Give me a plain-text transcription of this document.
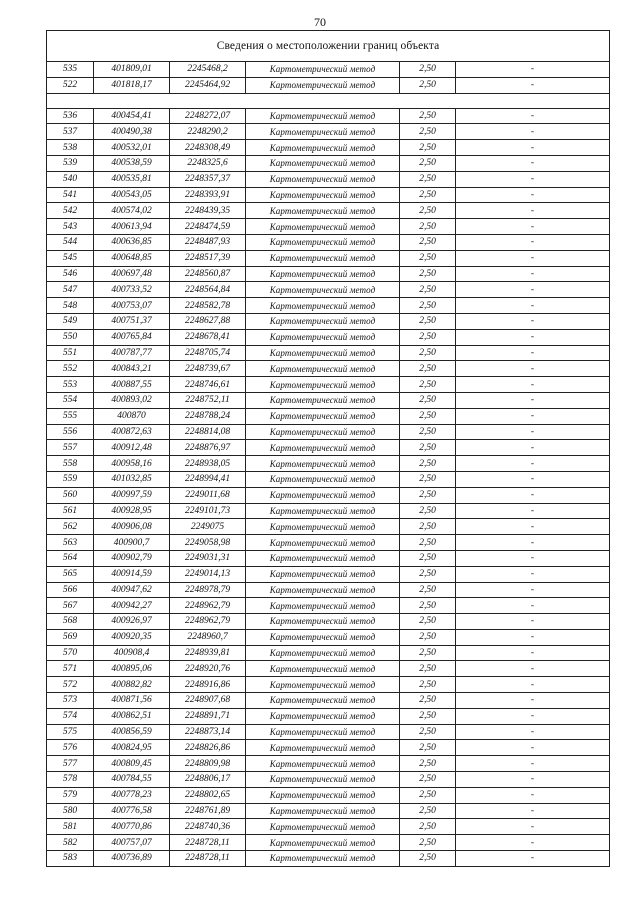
70
Сведения о местоположении границ объекта					
535	401809,01	2245468,2	Картометрический метод	2,50	-
522	401818,17	2245464,92	Картометрический метод	2,50	-

536	400454,41	2248272,07	Картометрический метод	2,50	-
537	400490,38	2248290,2	Картометрический метод	2,50	-
538	400532,01	2248308,49	Картометрический метод	2,50	-
539	400538,59	2248325,6	Картометрический метод	2,50	-
540	400535,81	2248357,37	Картометрический метод	2,50	-
541	400543,05	2248393,91	Картометрический метод	2,50	-
542	400574,02	2248439,35	Картометрический метод	2,50	-
543	400613,94	2248474,59	Картометрический метод	2,50	-
544	400636,85	2248487,93	Картометрический метод	2,50	-
545	400648,85	2248517,39	Картометрический метод	2,50	-
546	400697,48	2248560,87	Картометрический метод	2,50	-
547	400733,52	2248564,84	Картометрический метод	2,50	-
548	400753,07	2248582,78	Картометрический метод	2,50	-
549	400751,37	2248627,88	Картометрический метод	2,50	-
550	400765,84	2248678,41	Картометрический метод	2,50	-
551	400787,77	2248705,74	Картометрический метод	2,50	-
552	400843,21	2248739,67	Картометрический метод	2,50	-
553	400887,55	2248746,61	Картометрический метод	2,50	-
554	400893,02	2248752,11	Картометрический метод	2,50	-
555	400870	2248788,24	Картометрический метод	2,50	-
556	400872,63	2248814,08	Картометрический метод	2,50	-
557	400912,48	2248876,97	Картометрический метод	2,50	-
558	400958,16	2248938,05	Картометрический метод	2,50	-
559	401032,85	2248994,41	Картометрический метод	2,50	-
560	400997,59	2249011,68	Картометрический метод	2,50	-
561	400928,95	2249101,73	Картометрический метод	2,50	-
562	400906,08	2249075	Картометрический метод	2,50	-
563	400900,7	2249058,98	Картометрический метод	2,50	-
564	400902,79	2249031,31	Картометрический метод	2,50	-
565	400914,59	2249014,13	Картометрический метод	2,50	-
566	400947,62	2248978,79	Картометрический метод	2,50	-
567	400942,27	2248962,79	Картометрический метод	2,50	-
568	400926,97	2248962,79	Картометрический метод	2,50	-
569	400920,35	2248960,7	Картометрический метод	2,50	-
570	400908,4	2248939,81	Картометрический метод	2,50	-
571	400895,06	2248920,76	Картометрический метод	2,50	-
572	400882,82	2248916,86	Картометрический метод	2,50	-
573	400871,56	2248907,68	Картометрический метод	2,50	-
574	400862,51	2248891,71	Картометрический метод	2,50	-
575	400856,59	2248873,14	Картометрический метод	2,50	-
576	400824,95	2248826,86	Картометрический метод	2,50	-
577	400809,45	2248809,98	Картометрический метод	2,50	-
578	400784,55	2248806,17	Картометрический метод	2,50	-
579	400778,23	2248802,65	Картометрический метод	2,50	-
580	400776,58	2248761,89	Картометрический метод	2,50	-
581	400770,86	2248740,36	Картометрический метод	2,50	-
582	400757,07	2248728,11	Картометрический метод	2,50	-
583	400736,89	2248728,11	Картометрический метод	2,50	-
